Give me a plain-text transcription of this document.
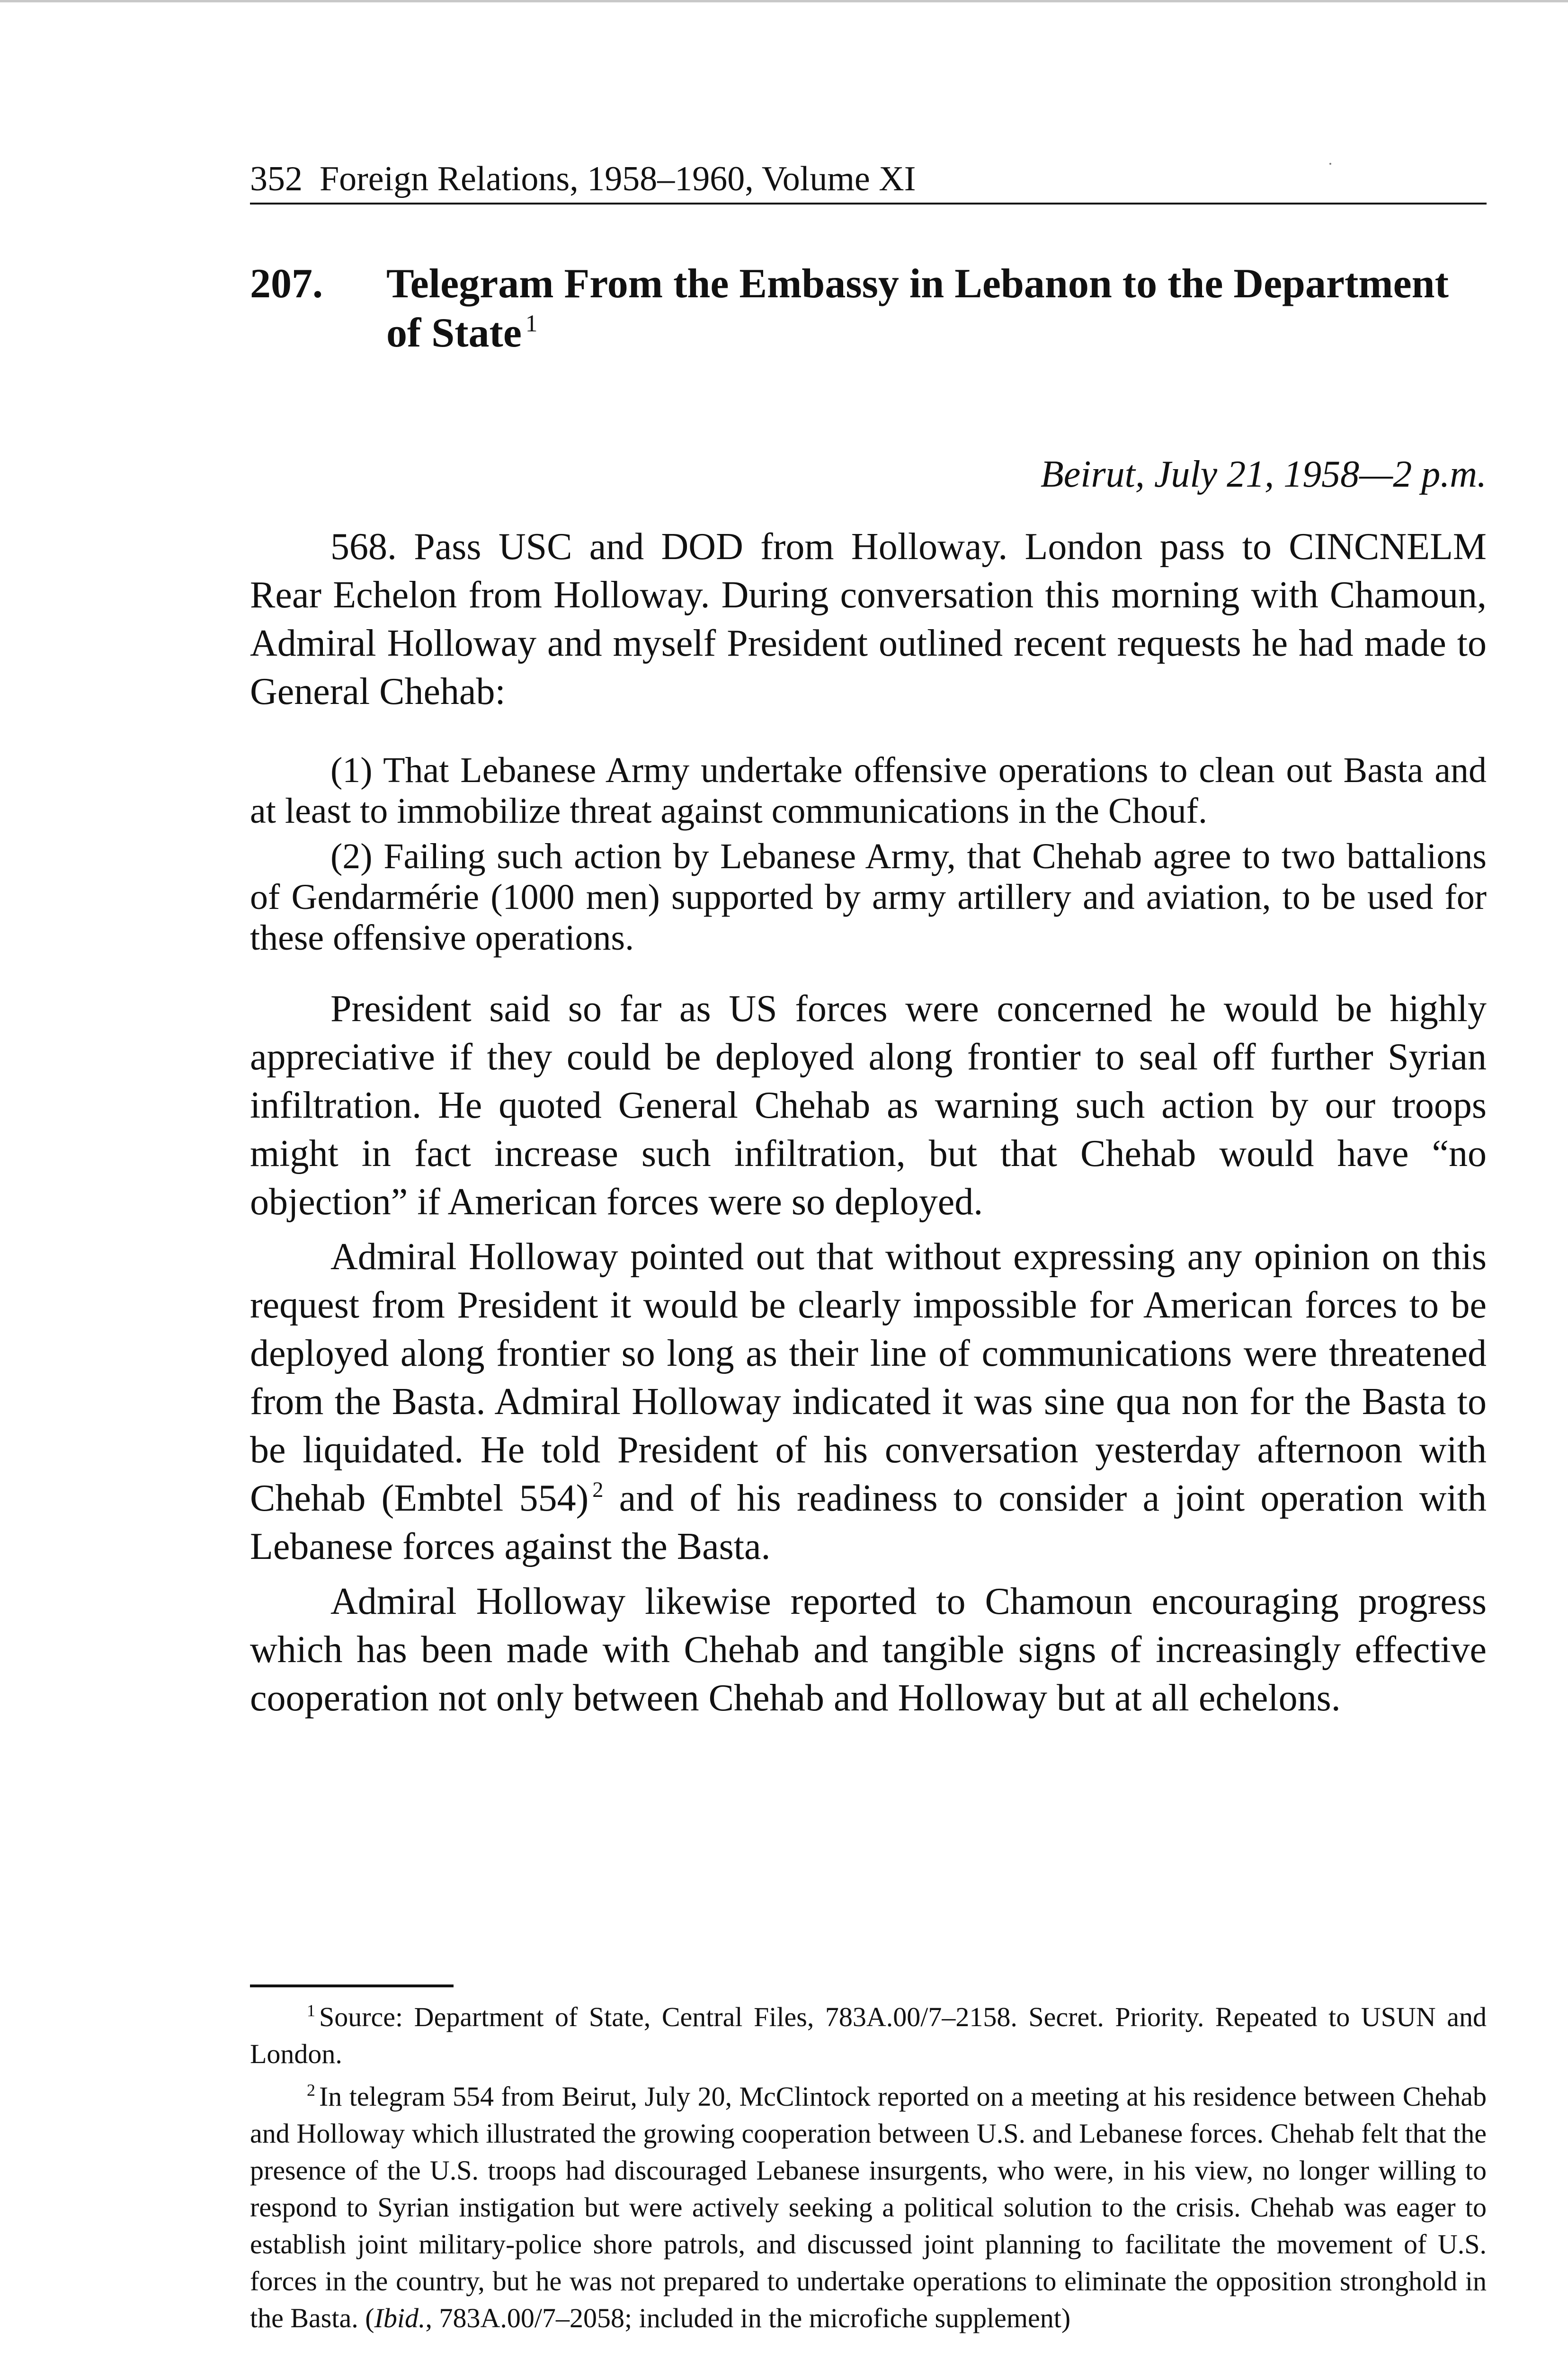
352 Foreign Relations, 1958–1960, Volume XI
207. Telegram From the Embassy in Lebanon to the Department of State $^1$
Beirut, July 21, 1958—2 p.m.

568. Pass USC and DOD from Holloway. London pass to CINCNELM Rear Echelon from Holloway. During conversation this morning with Chamoun, Admiral Holloway and myself President outlined recent requests he had made to General Chehab:

(1) That Lebanese Army undertake offensive operations to clean out Basta and at least to immobilize threat against communications in the Chouf.

(2) Failing such action by Lebanese Army, that Chehab agree to two battalions of Gendarmérie (1000 men) supported by army artillery and aviation, to be used for these offensive operations.

President said so far as US forces were concerned he would be highly appreciative if they could be deployed along frontier to seal off further Syrian infiltration. He quoted General Chehab as warning such action by our troops might in fact increase such infiltration, but that Chehab would have “no objection” if American forces were so deployed.

Admiral Holloway pointed out that without expressing any opinion on this request from President it would be clearly impossible for American forces to be deployed along frontier so long as their line of communications were threatened from the Basta. Admiral Holloway indicated it was sine qua non for the Basta to be liquidated. He told President of his conversation yesterday afternoon with Chehab (Embtel 554) $^2$ and of his readiness to consider a joint operation with Lebanese forces against the Basta.

Admiral Holloway likewise reported to Chamoun encouraging progress which has been made with Chehab and tangible signs of increasingly effective cooperation not only between Chehab and Holloway but at all echelons.

$^1$ Source: Department of State, Central Files, 783A.00/7–2158. Secret. Priority. Repeated to USUN and London.

$^2$ In telegram 554 from Beirut, July 20, McClintock reported on a meeting at his residence between Chehab and Holloway which illustrated the growing cooperation between U.S. and Lebanese forces. Chehab felt that the presence of the U.S. troops had discouraged Lebanese insurgents, who were, in his view, no longer willing to respond to Syrian instigation but were actively seeking a political solution to the crisis. Chehab was eager to establish joint military-police shore patrols, and discussed joint planning to facilitate the movement of U.S. forces in the country, but he was not prepared to undertake operations to eliminate the opposition stronghold in the Basta. (Ibid., 783A.00/7–2058; included in the microfiche supplement)
